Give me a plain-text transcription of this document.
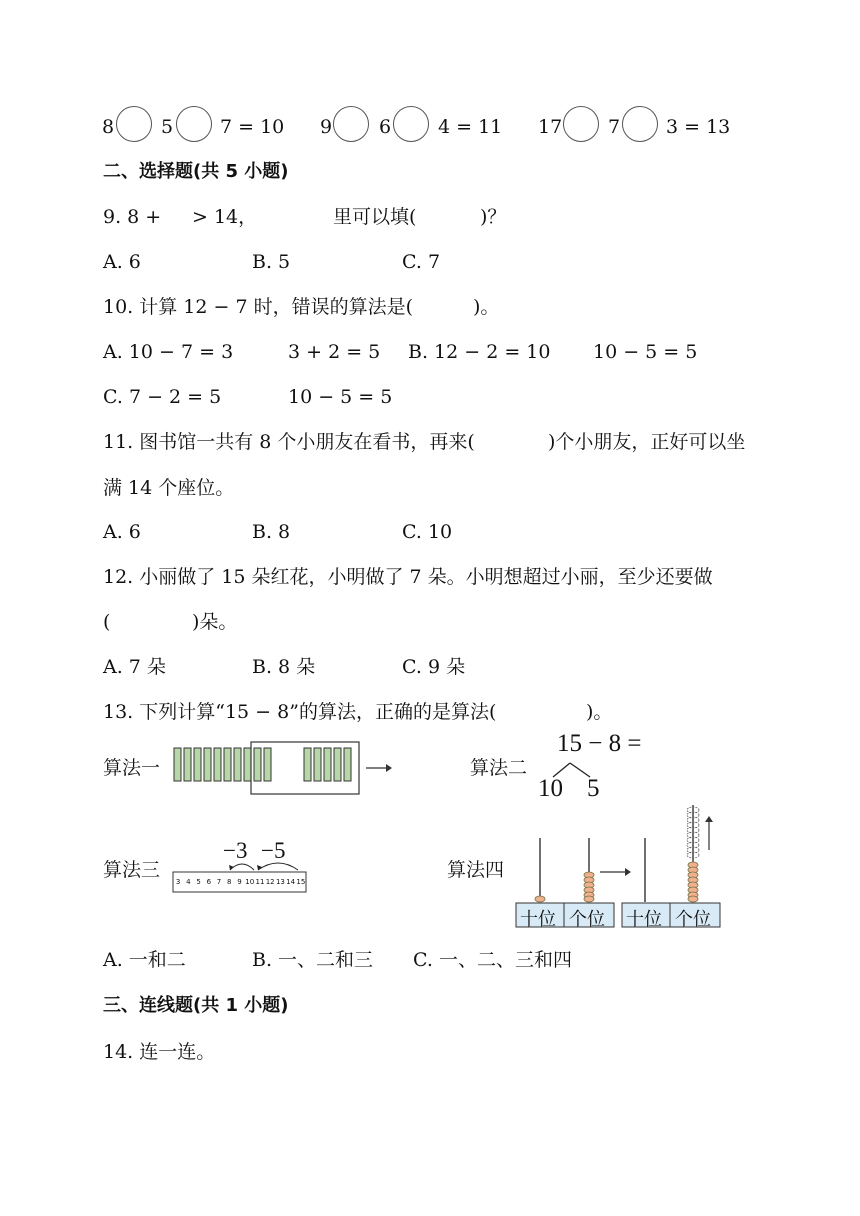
8 5 7 = 10 9 6 4 = 11 17 7 3 = 13
二、选择题(共 5 小题)
9. 8 + > 14，	里可以填(	)？
A. 6	B. 5	C. 7
10. 计算 12 − 7 时，错误的算法是(	)。
A. 10 − 7 = 3	3 + 2 = 5 B. 12 − 2 = 10 10 − 5 = 5
C. 7 − 2 = 5	10 − 5 = 5
11. 图书馆一共有 8 个小朋友在看书，再来(	)个小朋友，正好可以坐
满 14 个座位。
A. 6	B. 8	C. 10
12. 小丽做了 15 朵红花，小明做了 7 朵。小明想超过小丽，至少还要做
(	)朵。
A. 7 朵	B. 8 朵	C. 9 朵
13. 下列计算“15 − 8”的算法，正确的是算法(	)。
算法一	算法二
15 − 8 =
10 5
算法三
−3 −5
3 4 5 6 7 8 9 10 11 12 13 14 15
算法四
十位 个位 十位 个位
A. 一和二	B. 一、二和三 C. 一、二、三和四
三、连线题(共 1 小题)
14. 连一连。
